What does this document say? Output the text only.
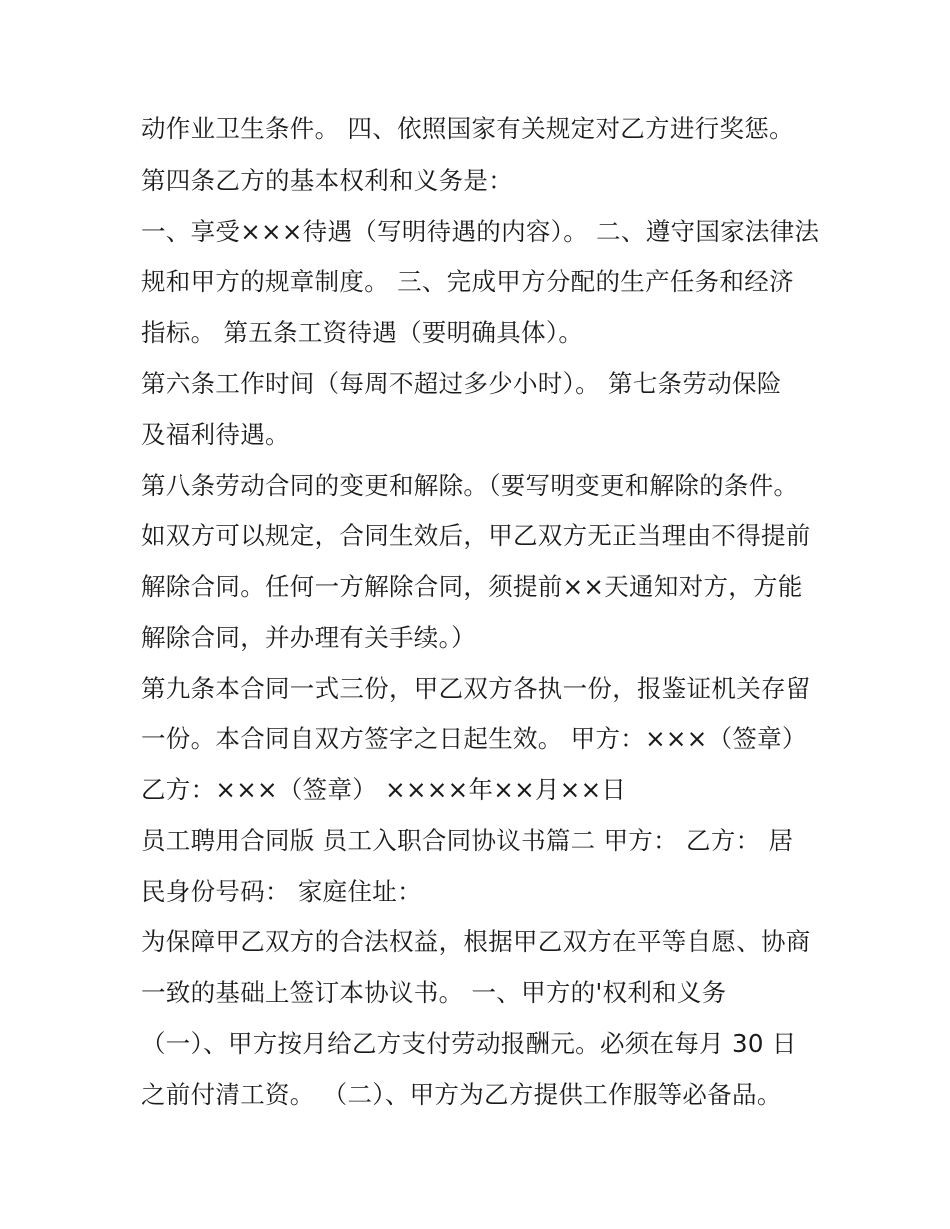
动作业卫生条件。 四、依照国家有关规定对乙方进行奖惩。
第四条乙方的基本权利和义务是：
一、享受×××待遇（写明待遇的内容）。 二、遵守国家法律法
规和甲方的规章制度。 三、完成甲方分配的生产任务和经济
指标。 第五条工资待遇（要明确具体）。
第六条工作时间（每周不超过多少小时）。 第七条劳动保险
及福利待遇。
第八条劳动合同的变更和解除。（要写明变更和解除的条件。
如双方可以规定，合同生效后，甲乙双方无正当理由不得提前
解除合同。任何一方解除合同，须提前××天通知对方，方能
解除合同，并办理有关手续。）
第九条本合同一式三份，甲乙双方各执一份，报鉴证机关存留
一份。本合同自双方签字之日起生效。 甲方：×××（签章）
乙方：×××（签章） ××××年××月××日
员工聘用合同版 员工入职合同协议书篇二 甲方： 乙方： 居
民身份号码： 家庭住址：
为保障甲乙双方的合法权益，根据甲乙双方在平等自愿、协商
一致的基础上签订本协议书。 一、甲方的'权利和义务
（一）、甲方按月给乙方支付劳动报酬元。必须在每月 30 日
之前付清工资。 （二）、甲方为乙方提供工作服等必备品。
